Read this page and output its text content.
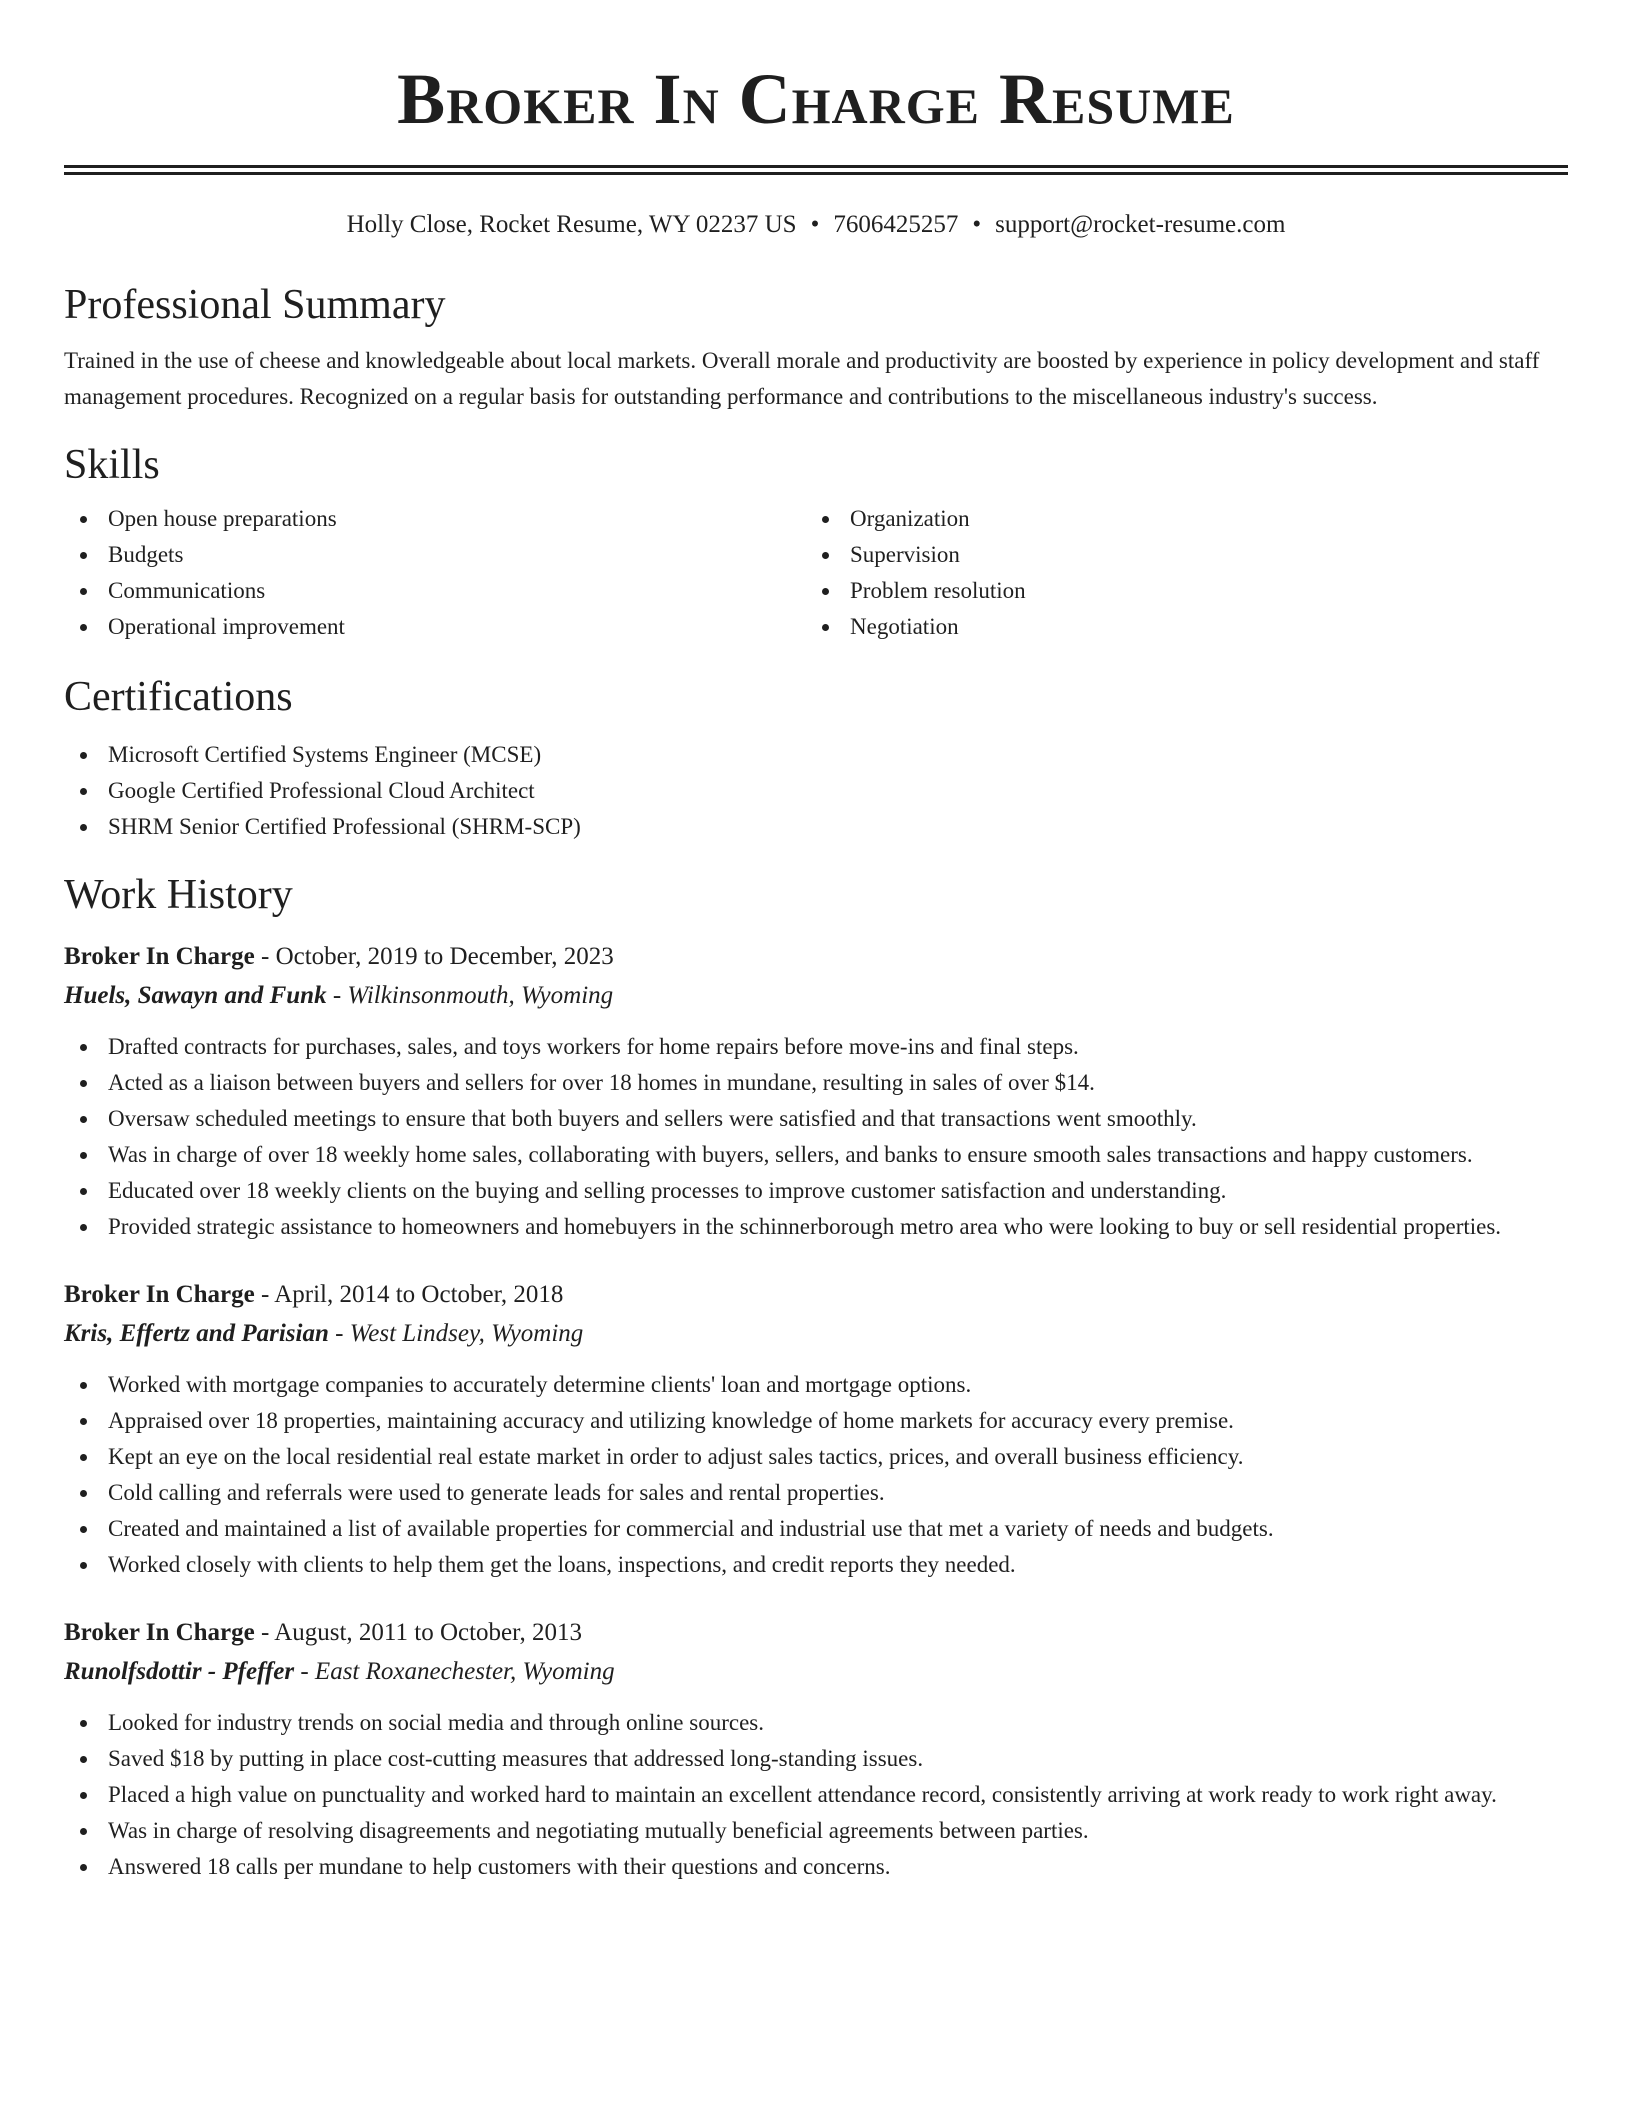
Broker In Charge Resume
Holly Close, Rocket Resume, WY 02237 US • 7606425257 • support@rocket-resume.com
Professional Summary

Trained in the use of cheese and knowledgeable about local markets. Overall morale and productivity are boosted by experience in policy development and staff management procedures. Recognized on a regular basis for outstanding performance and contributions to the miscellaneous industry's success.

Skills
Open house preparations
Budgets
Communications
Operational improvement
Organization
Supervision
Problem resolution
Negotiation
Certifications
Microsoft Certified Systems Engineer (MCSE)
Google Certified Professional Cloud Architect
SHRM Senior Certified Professional (SHRM-SCP)
Work History
Broker In Charge - October, 2019 to December, 2023
Huels, Sawayn and Funk - Wilkinsonmouth, Wyoming
Drafted contracts for purchases, sales, and toys workers for home repairs before move-ins and final steps.
Acted as a liaison between buyers and sellers for over 18 homes in mundane, resulting in sales of over $14.
Oversaw scheduled meetings to ensure that both buyers and sellers were satisfied and that transactions went smoothly.
Was in charge of over 18 weekly home sales, collaborating with buyers, sellers, and banks to ensure smooth sales transactions and happy customers.
Educated over 18 weekly clients on the buying and selling processes to improve customer satisfaction and understanding.
Provided strategic assistance to homeowners and homebuyers in the schinnerborough metro area who were looking to buy or sell residential properties.
Broker In Charge - April, 2014 to October, 2018
Kris, Effertz and Parisian - West Lindsey, Wyoming
Worked with mortgage companies to accurately determine clients' loan and mortgage options.
Appraised over 18 properties, maintaining accuracy and utilizing knowledge of home markets for accuracy every premise.
Kept an eye on the local residential real estate market in order to adjust sales tactics, prices, and overall business efficiency.
Cold calling and referrals were used to generate leads for sales and rental properties.
Created and maintained a list of available properties for commercial and industrial use that met a variety of needs and budgets.
Worked closely with clients to help them get the loans, inspections, and credit reports they needed.
Broker In Charge - August, 2011 to October, 2013
Runolfsdottir - Pfeffer - East Roxanechester, Wyoming
Looked for industry trends on social media and through online sources.
Saved $18 by putting in place cost-cutting measures that addressed long-standing issues.
Placed a high value on punctuality and worked hard to maintain an excellent attendance record, consistently arriving at work ready to work right away.
Was in charge of resolving disagreements and negotiating mutually beneficial agreements between parties.
Answered 18 calls per mundane to help customers with their questions and concerns.
